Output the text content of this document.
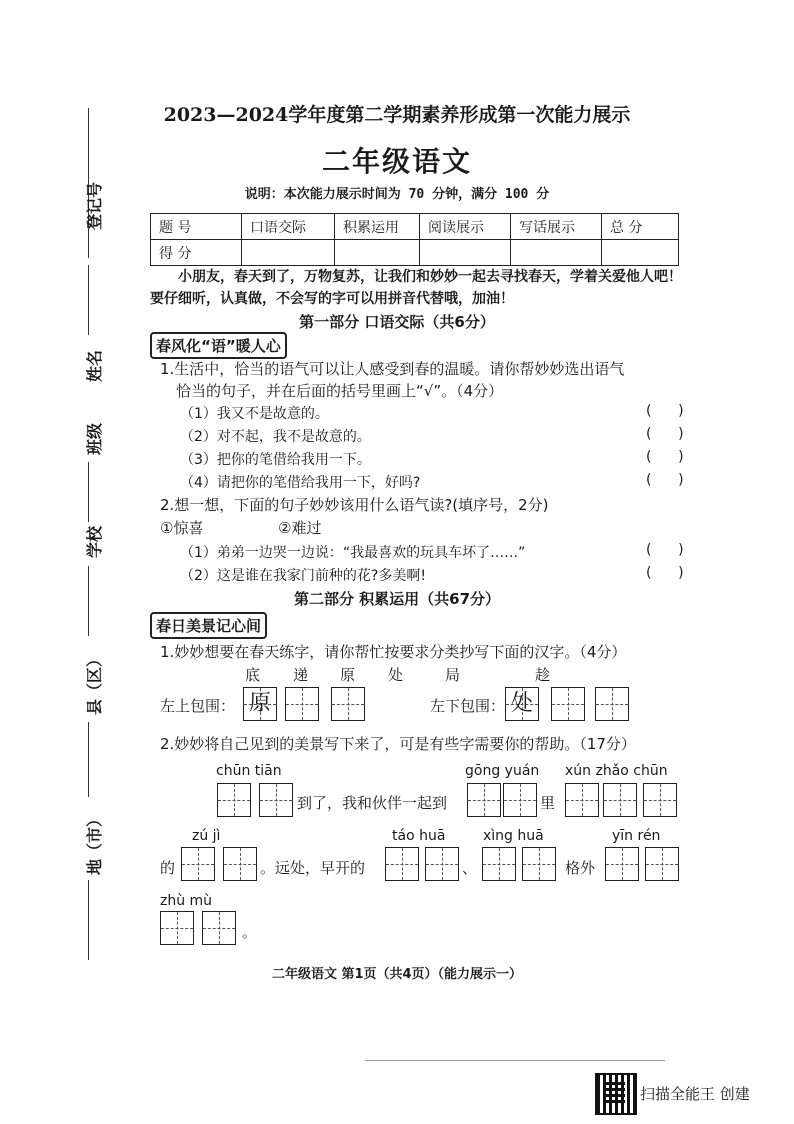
登记号
姓名
班级
学校
县（区）
地（市）
2023—2024学年度第二学期素养形成第一次能力展示
二年级语文
说明：本次能力展示时间为 70 分钟，满分 100 分
题 号	口语交际	积累运用	阅读展示	写话展示	总 分
得 分					
小朋友，春天到了，万物复苏，让我们和妙妙一起去寻找春天，学着关爱他人吧！要仔细听，认真做，不会写的字可以用拼音代替哦，加油！
第一部分 口语交际（共6分）
春风化“语”暖人心
1.生活中，恰当的语气可以让人感受到春的温暖。请你帮妙妙选出语气
恰当的句子，并在后面的括号里画上“√”。（4分）
（1）我又不是故意的。	(      )
（2）对不起，我不是故意的。	(      )
（3）把你的笔借给我用一下。	(      )
（4）请把你的笔借给我用一下，好吗?	(      )
2.想一想，下面的句子妙妙该用什么语气读?(填序号，2分)
①惊喜	②难过
（1）弟弟一边哭一边说：“我最喜欢的玩具车坏了……”	(      )
（2）这是谁在我家门前种的花?多美啊!	(      )
第二部分 积累运用（共67分）
春日美景记心间
1.妙妙想要在春天练字，请你帮忙按要求分类抄写下面的汉字。（4分）
底 递 原 处	局	趁
左上包围： 原	左下包围： 处
2.妙妙将自己见到的美景写下来了，可是有些字需要你的帮助。（17分）
chūn tiān	gōng yuán xún zhǎo chūn
到了，我和伙伴一起到	里
zú jì	táo huā	xìng huā	yīn rén
的	。远处，早开的	、	格外
zhù mù
。
二年级语文 第1页（共4页）（能力展示一）
扫描全能王 创建
